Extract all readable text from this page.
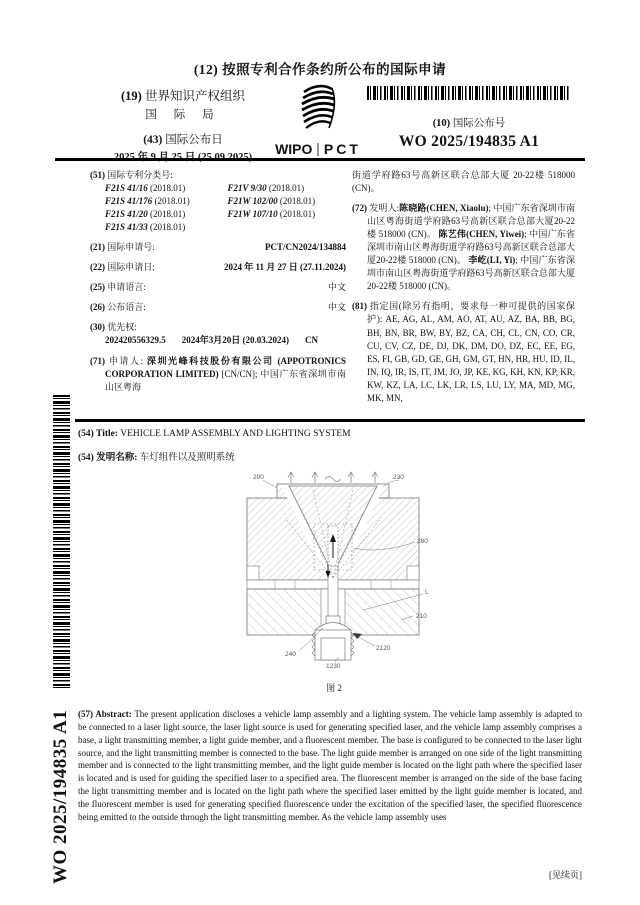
(12) 按照专利合作条约所公布的国际申请
(19) 世界知识产权组织
国 际 局
(43) 国际公布日
WIPO PCT
(10) 国际公布号
WO 2025/194835 A1
(51) 国际专利分类号:
F21S 41/16 (2018.01)	F21V 9/30 (2018.01)
F21S 41/176 (2018.01)	F21W 102/00 (2018.01)
F21S 41/20 (2018.01)	F21W 107/10 (2018.01)
F21S 41/33 (2018.01)
(21) 国际申请号:	PCT/CN2024/134884
(22) 国际申请日:	2024 年 11 月 27 日 (27.11.2024)
(25) 申请语言:	中文
(26) 公布语言:	中文
(30) 优先权:
202420556329.5 2024年3月20日 (20.03.2024) CN
(71) 申请人: 深圳光峰科技股份有限公司 (APPOTRONICS CORPORATION LIMITED) [CN/CN]; 中国广东省深圳市南山区粤海
街道学府路63号高新区联合总部大厦 20-22楼 518000 (CN)。
(72) 发明人:陈晓路(CHEN, Xiaolu); 中国广东省深圳市南山区粤海街道学府路63号高新区联合总部大厦20-22楼 518000 (CN)。 陈艺伟(CHEN, Yiwei); 中国广东省深圳市南山区粤海街道学府路63号高新区联合总部大厦20-22楼 518000 (CN)。 李屹(LI, Yi); 中国广东省深圳市南山区粤海街道学府路63号高新区联合总部大厦20-22楼 518000 (CN)。
(81) 指定国(除另有指明，要求每一种可提供的国家保护): AE, AG, AL, AM, AO, AT, AU, AZ, BA, BB, BG, BH, BN, BR, BW, BY, BZ, CA, CH, CL, CN, CO, CR, CU, CV, CZ, DE, DJ, DK, DM, DO, DZ, EC, EE, EG, ES, FI, GB, GD, GE, GH, GM, GT, HN, HR, HU, ID, IL, IN, IQ, IR, IS, IT, JM, JO, JP, KE, KG, KH, KN, KP, KR, KW, KZ, LA, LC, LK, LR, LS, LU, LY, MA, MD, MG, MK, MN,
WO 2025/194835 A1
(54) Title: VEHICLE LAMP ASSEMBLY AND LIGHTING SYSTEM
(54) 发明名称: 车灯组件以及照明系统
200	230
280
L
210
240
2120
1230
图 2
(57) Abstract: The present application discloses a vehicle lamp assembly and a lighting system. The vehicle lamp assembly is adapted to be connected to a laser light source, the laser light source is used for generating specified laser, and the vehicle lamp assembly comprises a base, a light transmitting member, a light guide member, and a fluorescent member. The base is configured to be connected to the laser light source, and the light transmitting member is connected to the base. The light guide member is arranged on one side of the light transmitting member and is connected to the light transmitting member, and the light guide member is located on the light path where the specified laser is located and is used for guiding the specified laser to a specified area. The fluorescent member is arranged on the side of the base facing the light transmitting member and is located on the light path where the specified laser emitted by the light guide member is located, and the fluorescent member is used for generating specified fluorescence under the excitation of the specified laser, the specified fluorescence being emitted to the outside through the light transmitting member. As the vehicle lamp assembly uses
[见续页]
